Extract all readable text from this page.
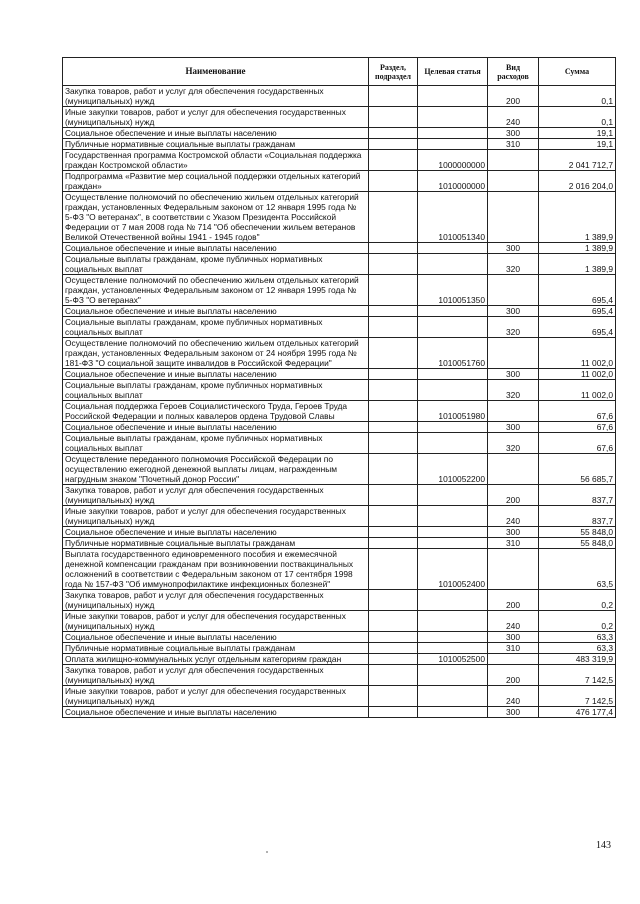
Наименование	Раздел, подраздел	Целевая статья	Вид расходов	Сумма
Закупка товаров, работ и услуг для обеспечения государственных (муниципальных) нужд			200	0,1
Иные закупки товаров, работ и услуг для обеспечения государственных (муниципальных) нужд			240	0,1
Социальное обеспечение и иные выплаты населению			300	19,1
Публичные нормативные социальные выплаты гражданам			310	19,1
Государственная программа Костромской области «Социальная поддержка граждан Костромской области»		1000000000		2 041 712,7
Подпрограмма «Развитие мер социальной поддержки отдельных категорий граждан»		1010000000		2 016 204,0
Осуществление полномочий по обеспечению жильем отдельных категорий граждан, установленных Федеральным законом от 12 января 1995 года № 5-ФЗ "О ветеранах", в соответствии с Указом Президента Российской Федерации от 7 мая 2008 года № 714 "Об обеспечении жильем ветеранов Великой Отечественной войны 1941 - 1945 годов"		1010051340		1 389,9
Социальное обеспечение и иные выплаты населению			300	1 389,9
Социальные выплаты гражданам, кроме публичных нормативных социальных выплат			320	1 389,9
Осуществление полномочий по обеспечению жильем отдельных категорий граждан, установленных Федеральным законом от 12 января 1995 года № 5-ФЗ "О ветеранах"		1010051350		695,4
Социальное обеспечение и иные выплаты населению			300	695,4
Социальные выплаты гражданам, кроме публичных нормативных социальных выплат			320	695,4
Осуществление полномочий по обеспечению жильем отдельных категорий граждан, установленных Федеральным законом от 24 ноября 1995 года № 181-ФЗ "О социальной защите инвалидов в Российской Федерации"		1010051760		11 002,0
Социальное обеспечение и иные выплаты населению			300	11 002,0
Социальные выплаты гражданам, кроме публичных нормативных социальных выплат			320	11 002,0
Социальная поддержка Героев Социалистического Труда, Героев Труда Российской Федерации и полных кавалеров ордена Трудовой Славы		1010051980		67,6
Социальное обеспечение и иные выплаты населению			300	67,6
Социальные выплаты гражданам, кроме публичных нормативных социальных выплат			320	67,6
Осуществление переданного полномочия Российской Федерации по осуществлению ежегодной денежной выплаты лицам, награжденным нагрудным знаком "Почетный донор России"		1010052200		56 685,7
Закупка товаров, работ и услуг для обеспечения государственных (муниципальных) нужд			200	837,7
Иные закупки товаров, работ и услуг для обеспечения государственных (муниципальных) нужд			240	837,7
Социальное обеспечение и иные выплаты населению			300	55 848,0
Публичные нормативные социальные выплаты гражданам			310	55 848,0
Выплата государственного единовременного пособия и ежемесячной денежной компенсации гражданам при возникновении поствакцинальных осложнений в соответствии с Федеральным законом от 17 сентября 1998 года № 157-ФЗ "Об иммунопрофилактике инфекционных болезней"		1010052400		63,5
Закупка товаров, работ и услуг для обеспечения государственных (муниципальных) нужд			200	0,2
Иные закупки товаров, работ и услуг для обеспечения государственных (муниципальных) нужд			240	0,2
Социальное обеспечение и иные выплаты населению			300	63,3
Публичные нормативные социальные выплаты гражданам			310	63,3
Оплата жилищно-коммунальных услуг отдельным категориям граждан		1010052500		483 319,9
Закупка товаров, работ и услуг для обеспечения государственных (муниципальных) нужд			200	7 142,5
Иные закупки товаров, работ и услуг для обеспечения государственных (муниципальных) нужд			240	7 142,5
Социальное обеспечение и иные выплаты населению			300	476 177,4
143
